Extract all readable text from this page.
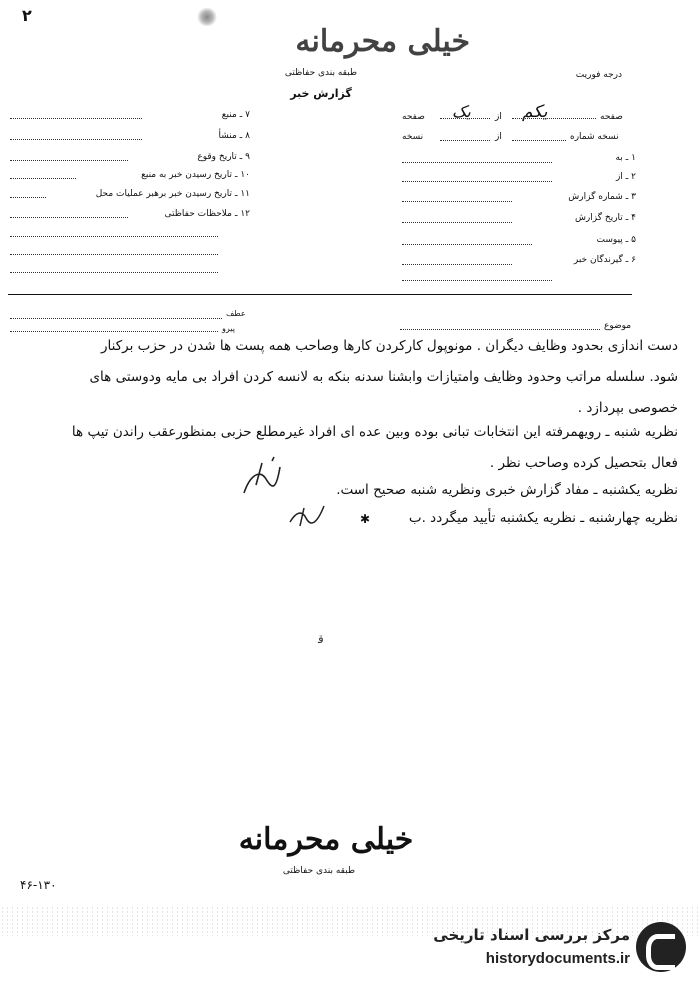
۲
خیلی محرمانه
طبقه بندی حفاظتی	درجه فوریت
گزارش خبر
صفحه
یکم
از
یک
صفحه
نسخه شماره
از
نسخه
۱ ـ به
۲ ـ از
۳ ـ شماره گزارش
۴ ـ تاریخ گزارش
۵ ـ پیوست
۶ ـ گیرندگان خبر
۷ ـ منبع
۸ ـ منشأ
۹ ـ تاریخ وقوع
۱۰ ـ تاریخ رسیدن خبر به منبع
۱۱ ـ تاریخ رسیدن خبر برهبر عملیات محل
۱۲ ـ ملاحظات حفاظتی
عطف
پیرو	موضوع
دست اندازی بحدود وظایف دیگران . مونوپول کارکردن کارها وصاحب همه پست ها شدن در حزب برکنار
شود. سلسله مراتب وحدود وظایف وامتیازات وابشنا سدنه بنکه به لانسه کردن افراد بی مایه ودوستی های
خصوصی بپردازد .
نظریه شنبه ـ رویهمرفته این انتخابات تبانی بوده وبین عده ای افراد غیرمطلع حزبی بمنظورعقب راندن تیپ ها
فعال بتحصیل کرده وصاحب نظر .
نظریه یکشنبه ـ مفاد گزارش خبری ونظریه شنبه صحیح است.
نظریه چهارشنبه ـ نظریه یکشنبه تأیید میگردد .ب
✱
ﻗ
خیلی محرمانه
طبقه بندی حفاظتی
۴۶-۱۳۰
مرکز بررسی اسناد تاریخی
historydocuments.ir
